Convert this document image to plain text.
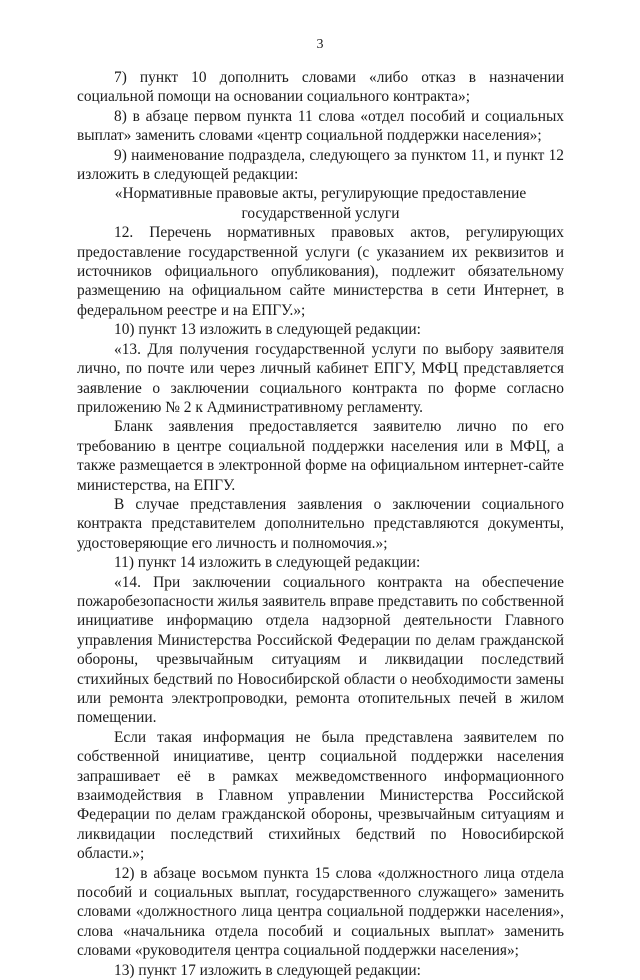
3

7) пункт 10 дополнить словами «либо отказ в назначении социальной помощи на основании социального контракта»;

8) в абзаце первом пункта 11 слова «отдел пособий и социальных выплат» заменить словами «центр социальной поддержки населения»;

9) наименование подраздела, следующего за пунктом 11, и пункт 12 изложить в следующей редакции:

«Нормативные правовые акты, регулирующие предоставление государственной услуги

12. Перечень нормативных правовых актов, регулирующих предоставление государственной услуги (с указанием их реквизитов и источников официального опубликования), подлежит обязательному размещению на официальном сайте министерства в сети Интернет, в федеральном реестре и на ЕПГУ.»;

10) пункт 13 изложить в следующей редакции:

«13. Для получения государственной услуги по выбору заявителя лично, по почте или через личный кабинет ЕПГУ, МФЦ представляется заявление о заключении социального контракта по форме согласно приложению № 2 к Административному регламенту.

Бланк заявления предоставляется заявителю лично по его требованию в центре социальной поддержки населения или в МФЦ, а также размещается в электронной форме на официальном интернет-сайте министерства, на ЕПГУ.

В случае представления заявления о заключении социального контракта представителем дополнительно представляются документы, удостоверяющие его личность и полномочия.»;

11) пункт 14 изложить в следующей редакции:

«14. При заключении социального контракта на обеспечение пожаробезопасности жилья заявитель вправе представить по собственной инициативе информацию отдела надзорной деятельности Главного управления Министерства Российской Федерации по делам гражданской обороны, чрезвычайным ситуациям и ликвидации последствий стихийных бедствий по Новосибирской области о необходимости замены или ремонта электропроводки, ремонта отопительных печей в жилом помещении.

Если такая информация не была представлена заявителем по собственной инициативе, центр социальной поддержки населения запрашивает её в рамках межведомственного информационного взаимодействия в Главном управлении Министерства Российской Федерации по делам гражданской обороны, чрезвычайным ситуациям и ликвидации последствий стихийных бедствий по Новосибирской области.»;

12) в абзаце восьмом пункта 15 слова «должностного лица отдела пособий и социальных выплат, государственного служащего» заменить словами «должностного лица центра социальной поддержки населения», слова «начальника отдела пособий и социальных выплат» заменить словами «руководителя центра социальной поддержки населения»;

13) пункт 17 изложить в следующей редакции:
